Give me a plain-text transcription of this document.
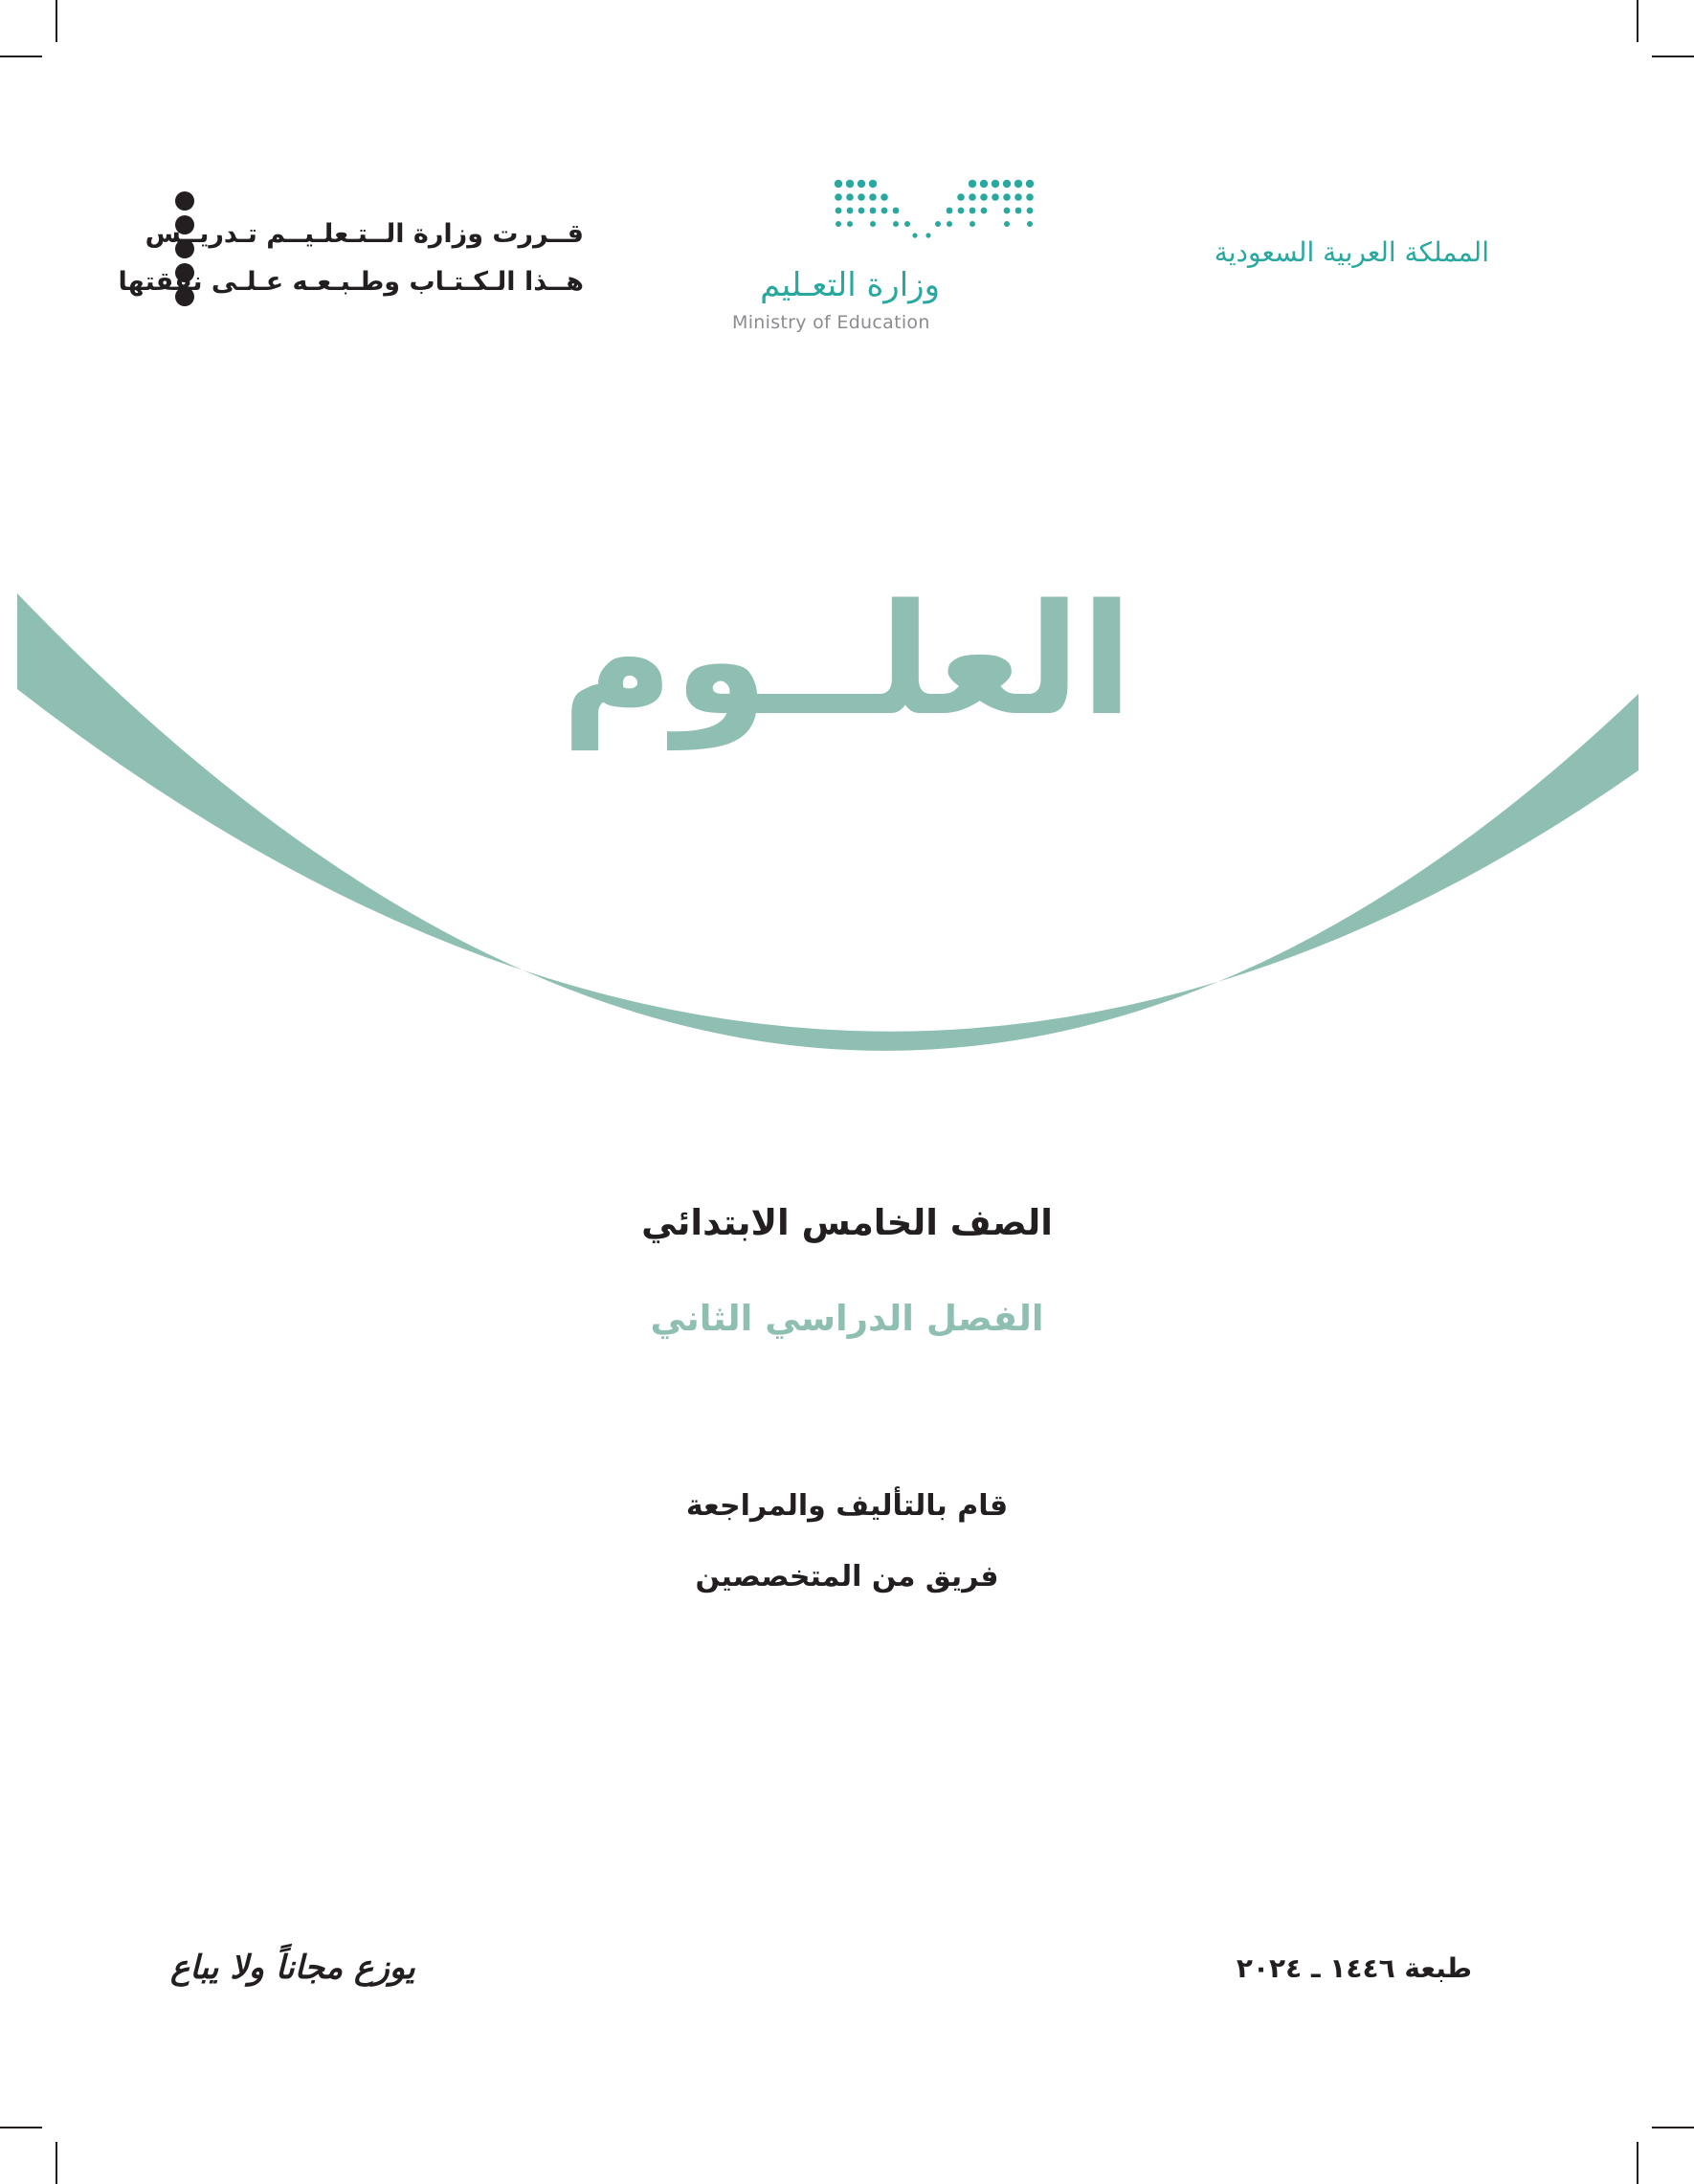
قــررت وزارة الــتـعلـيــم تـدريــس
هــذا الـكـتـاب وطـبـعـه عـلـى نفقتها	وزارة التعـليم
Ministry of Education
المملكة العربية السعودية
العلــوم
الصف الخامس الابتدائي
الفصل الدراسي الثاني
قام بالتأليف والمراجعة
فريق من المتخصصين
طبعة ١٤٤٦ ـ ٢٠٢٤
يوزع مجاناً ولا يباع
